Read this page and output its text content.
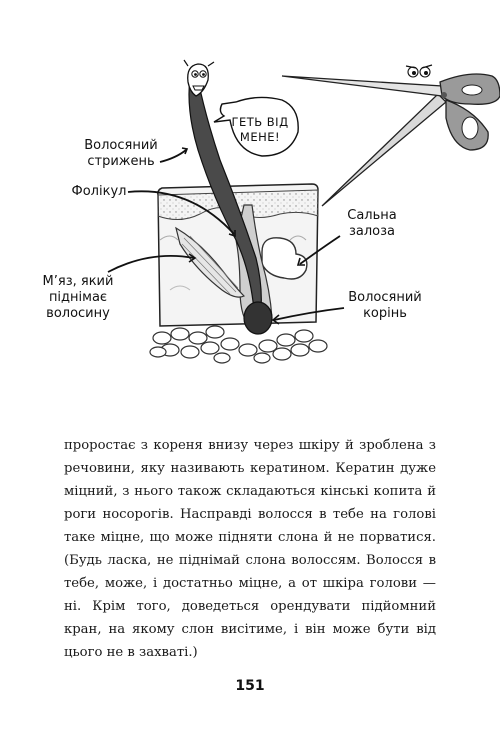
ГЕТЬ ВІД
МЕНЕ!
Волосяний
стрижень
Фолікул
М’яз, який
піднімає
волосину
Сальна
залоза
Волосяний
корінь

проростає з кореня внизу через шкіру й зроблена з речовини, яку називають кератином. Кератин дуже міцний, з нього також складаються кінські копита й роги носорогів. Насправді волосся в тебе на голові таке міцне, що може підняти слона й не порватися. (Будь ласка, не піднімай слона волоссям. Волосся в тебе, може, і достатньо міцне, а от шкіра голови — ні. Крім того, доведеться орендувати підйомний кран, на якому слон висітиме, і він може бути від цього не в захваті.)

151
